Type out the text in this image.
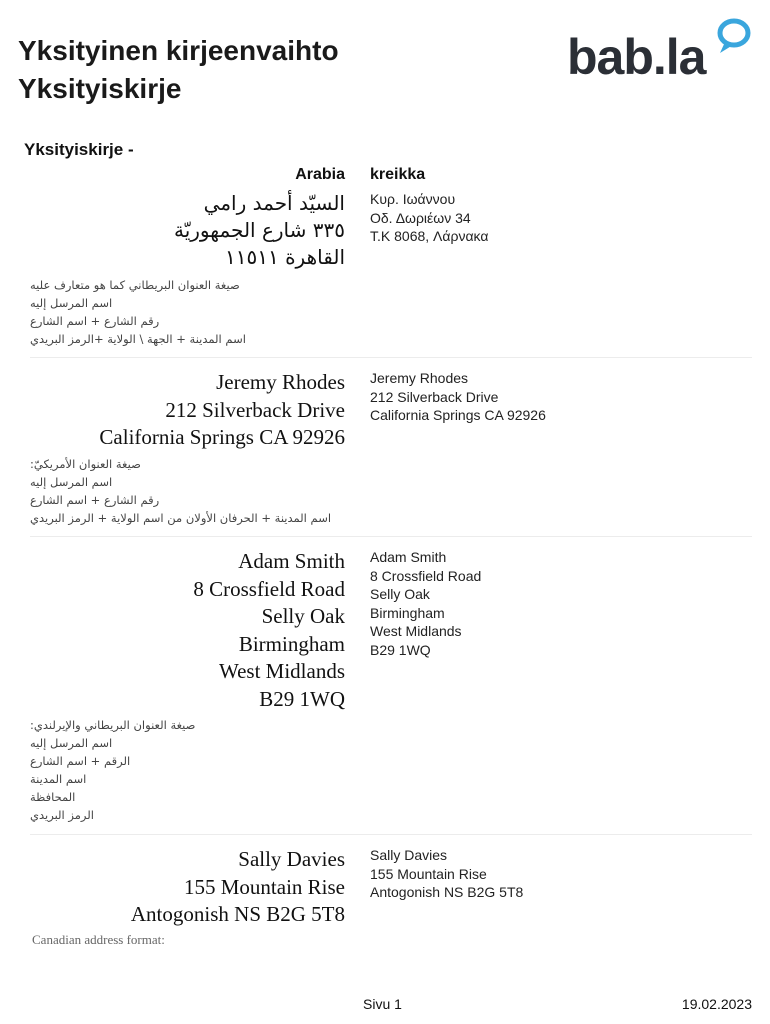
Yksityinen kirjeenvaihto
Yksityiskirje
bab.la
Yksityiskirje -
Arabia kreikka
السيّد أحمد رامي
٣٣٥ شارع الجمهوريّة
القاهرة ١١٥١١
صيغة العنوان البريطاني كما هو متعارف عليه
اسم المرسل إليه
رقم الشارع + اسم الشارع
اسم المدينة + الجهة \ الولاية +الرمز البريدي
Κυρ. Ιωάννου
Οδ. Δωριέων 34
T.K 8068, Λάρνακα
Jeremy Rhodes
212 Silverback Drive
California Springs CA 92926
صيغة العنوان الأمريكيّ:
اسم المرسل إليه
رقم الشارع + اسم الشارع
اسم المدينة + الحرفان الأولان من اسم الولاية + الرمز البريدي
Jeremy Rhodes
212 Silverback Drive
California Springs CA 92926
Adam Smith
8 Crossfield Road
Selly Oak
Birmingham
West Midlands
B29 1WQ
صيغة العنوان البريطاني والإيرلندي:
اسم المرسل إليه
الرقم + اسم الشارع
اسم المدينة
المحافظة
الرمز البريدي
Adam Smith
8 Crossfield Road
Selly Oak
Birmingham
West Midlands
B29 1WQ
Sally Davies
155 Mountain Rise
Antogonish NS B2G 5T8
Canadian address format:
Sally Davies
155 Mountain Rise
Antogonish NS B2G 5T8
Sivu 1	19.02.2023
